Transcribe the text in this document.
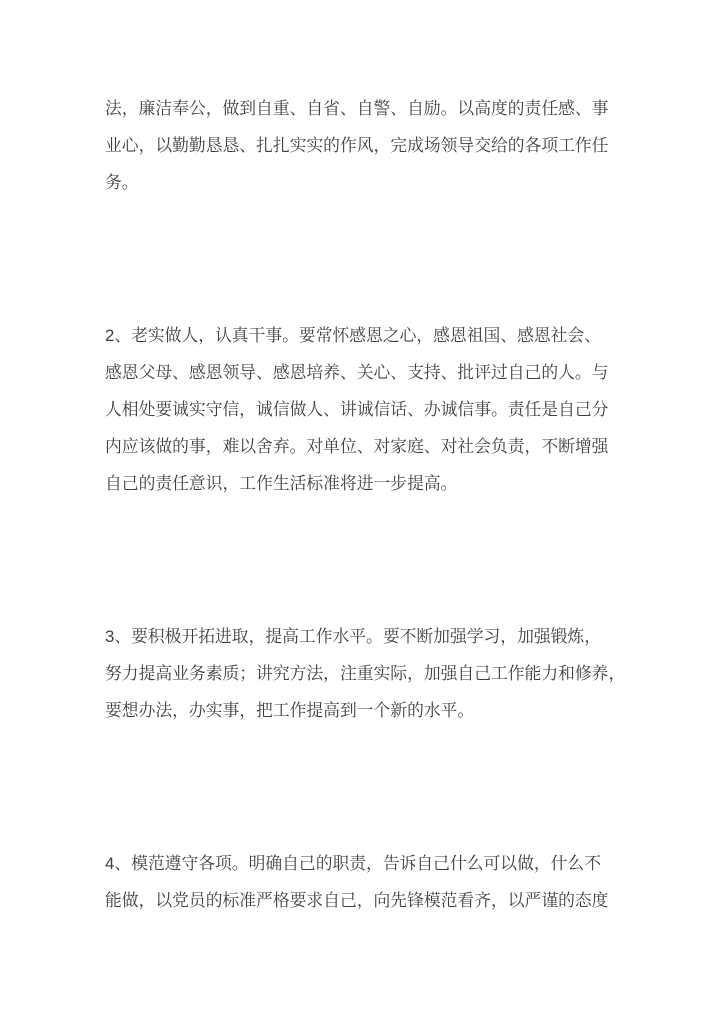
法，廉洁奉公，做到自重、自省、自警、自励。以高度的责任感、事
业心，以勤勤恳恳、扎扎实实的作风，完成场领导交给的各项工作任
务。
2、老实做人，认真干事。要常怀感恩之心，感恩祖国、感恩社会、
感恩父母、感恩领导、感恩培养、关心、支持、批评过自己的人。与
人相处要诚实守信，诚信做人、讲诚信话、办诚信事。责任是自己分
内应该做的事，难以舍弃。对单位、对家庭、对社会负责，不断增强
自己的责任意识，工作生活标准将进一步提高。
3、要积极开拓进取，提高工作水平。要不断加强学习，加强锻炼，
努力提高业务素质；讲究方法，注重实际，加强自己工作能力和修养，
要想办法，办实事，把工作提高到一个新的水平。
4、模范遵守各项。明确自己的职责，告诉自己什么可以做，什么不
能做，以党员的标准严格要求自己，向先锋模范看齐，以严谨的态度
